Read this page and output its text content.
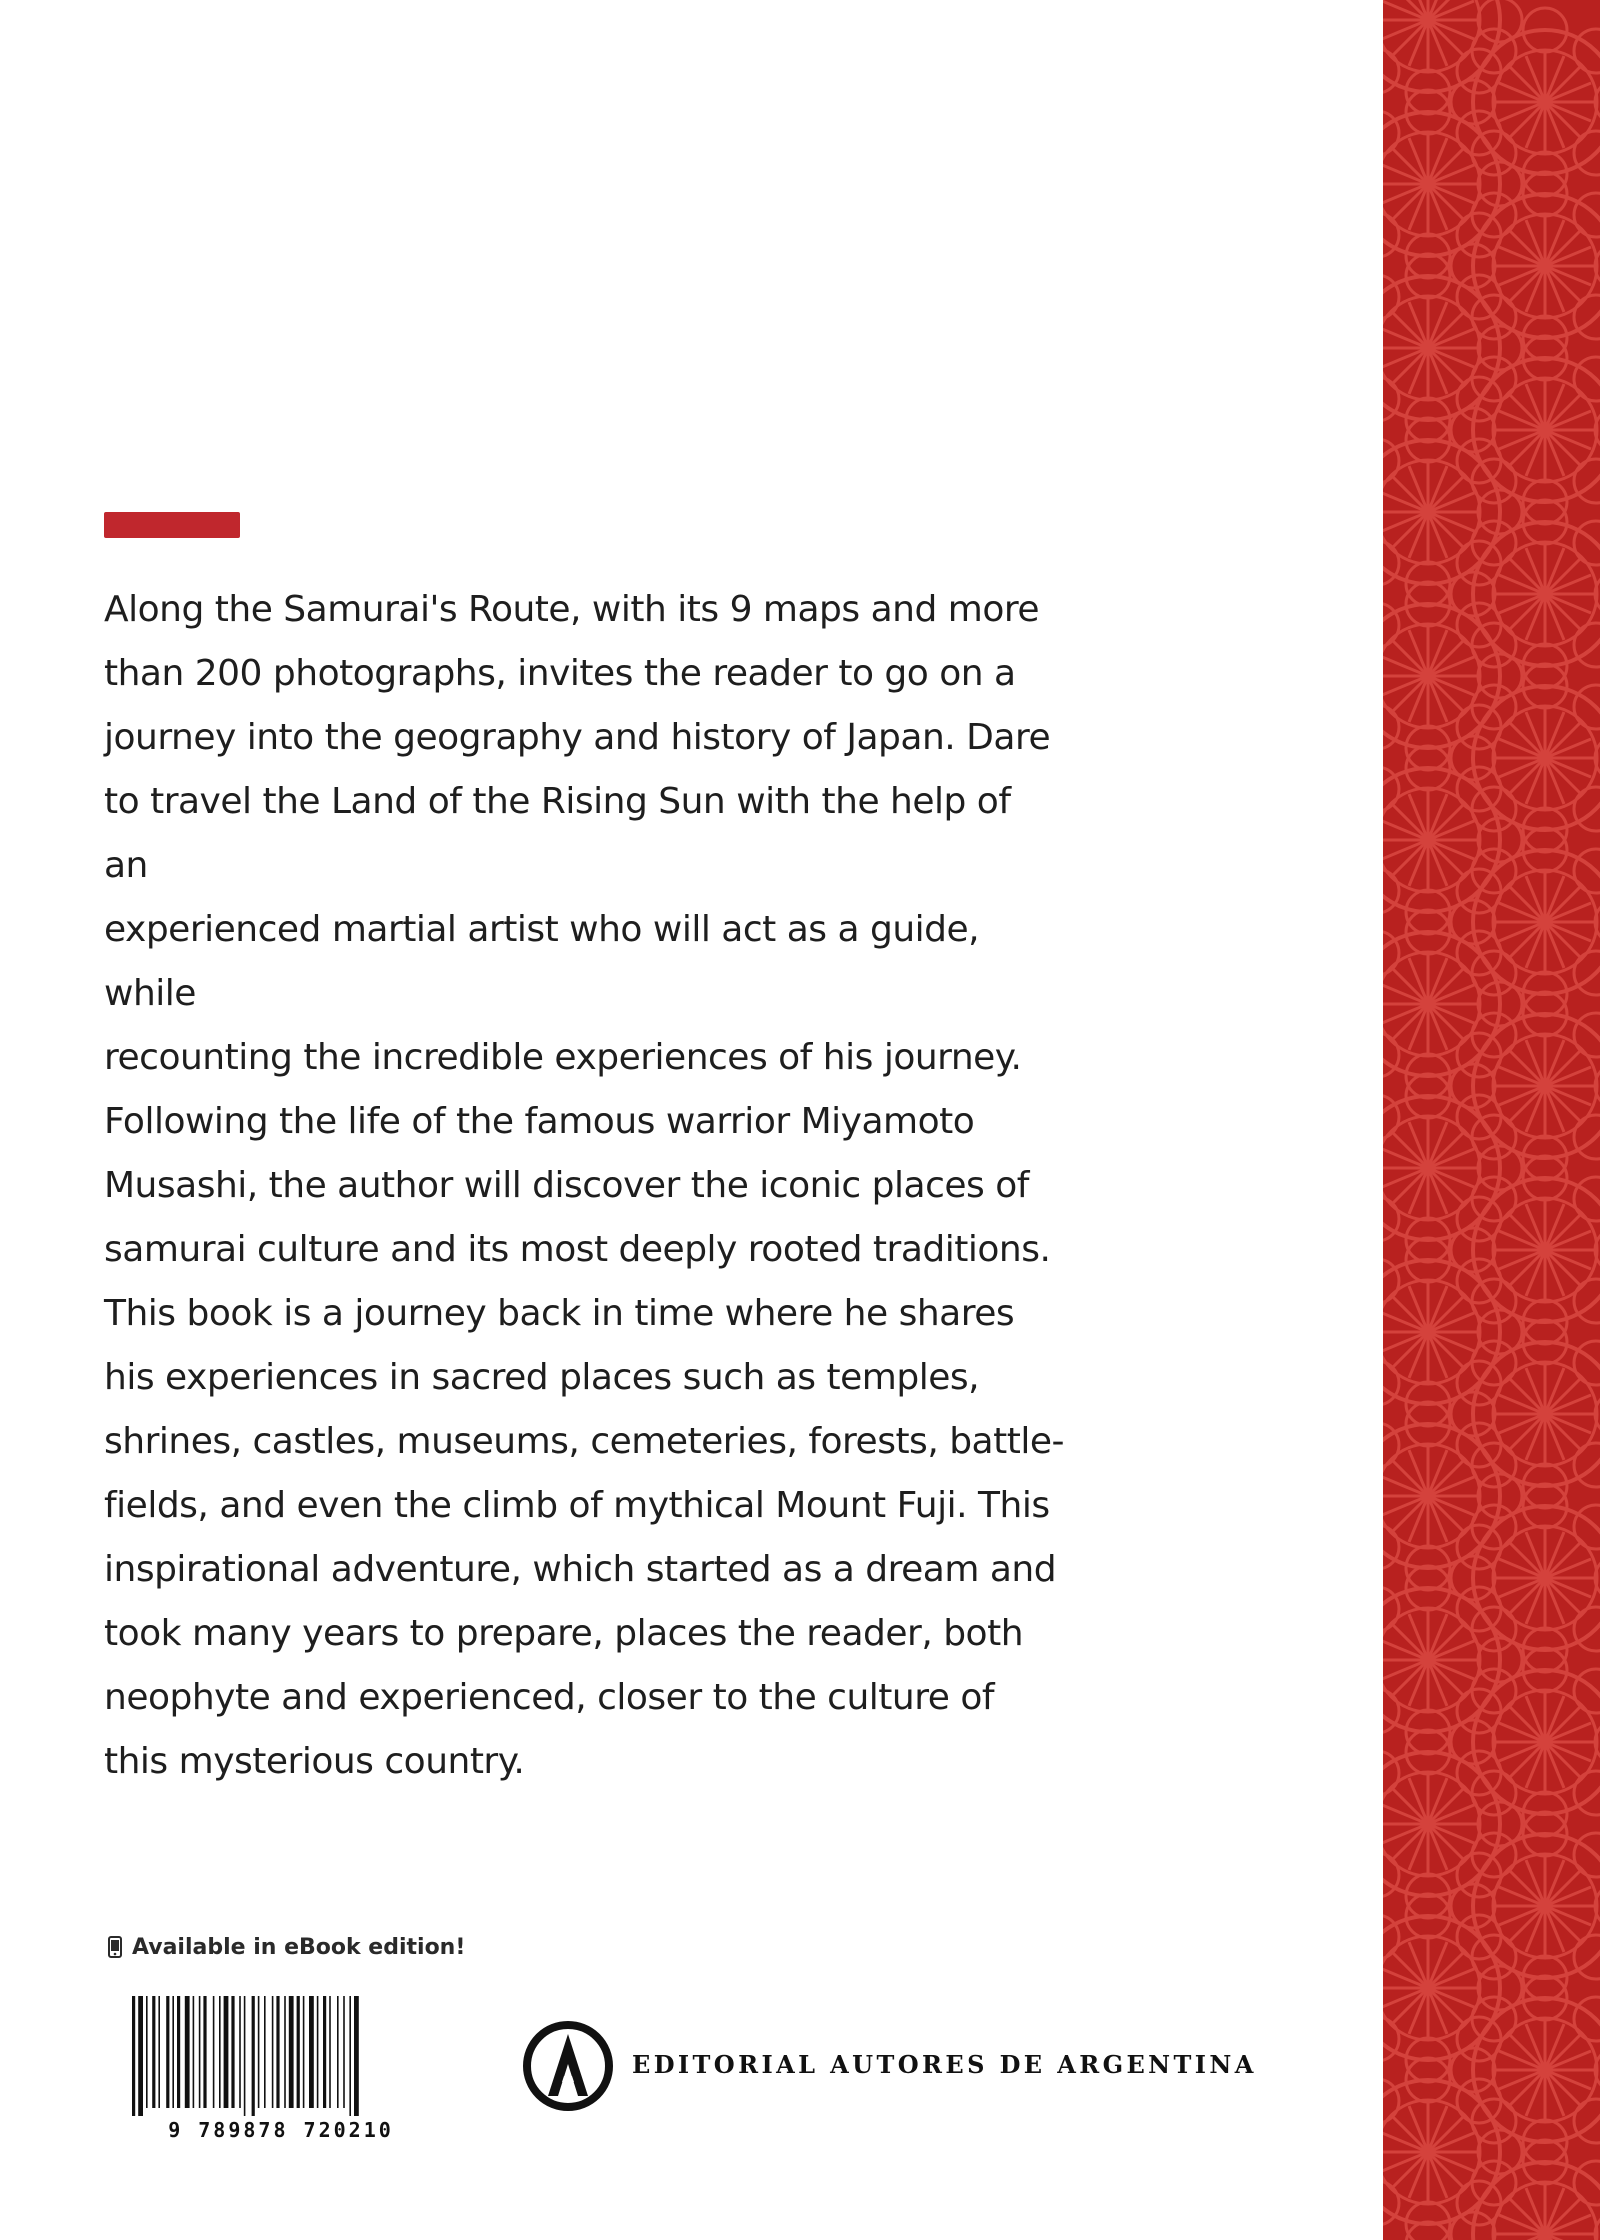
Along the Samurai's Route, with its 9 maps and more
than 200 photographs, invites the reader to go on a
journey into the geography and history of Japan. Dare
to travel the Land of the Rising Sun with the help of an
experienced martial artist who will act as a guide, while
recounting the incredible experiences of his journey.
Following the life of the famous warrior Miyamoto
Musashi, the author will discover the iconic places of
samurai culture and its most deeply rooted traditions.
This book is a journey back in time where he shares
his experiences in sacred places such as temples,
shrines, castles, museums, cemeteries, forests, battle-
fields, and even the climb of mythical Mount Fuji. This
inspirational adventure, which started as a dream and
took many years to prepare, places the reader, both
neophyte and experienced, closer to the culture of
this mysterious country.

Available in eBook edition!
9 789878 720210
EDITORIAL AUTORES DE ARGENTINA
